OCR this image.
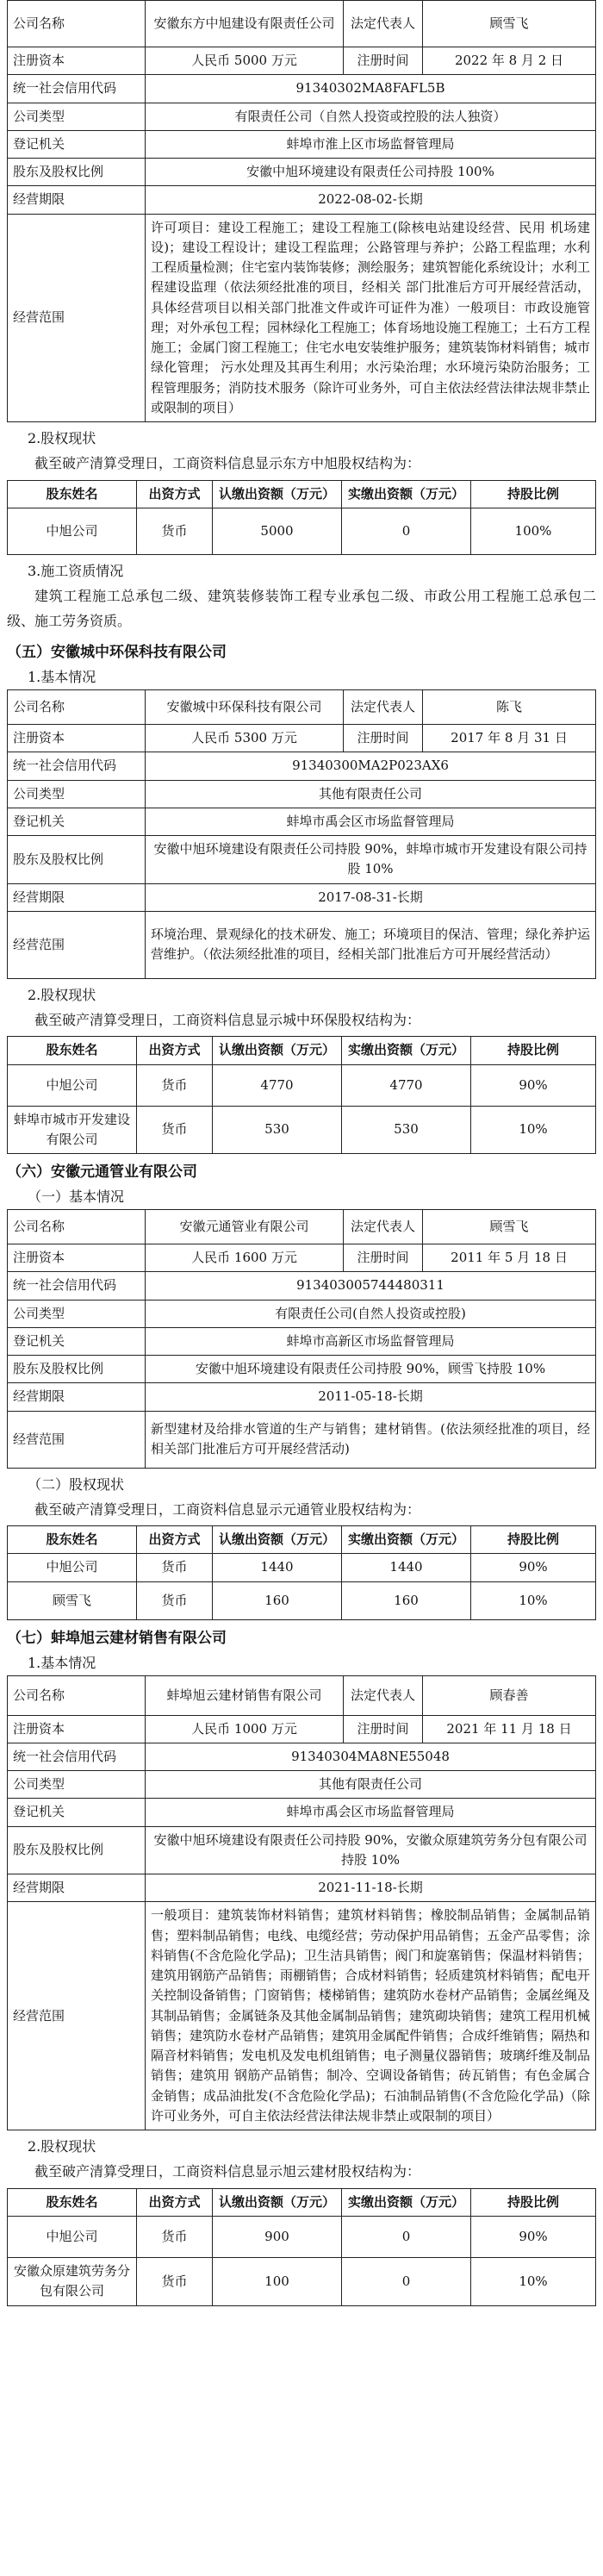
公司名称	安徽东方中旭建设有限责任公司	法定代表人	顾雪飞
注册资本	人民币 5000 万元	注册时间	2022 年 8 月 2 日
统一社会信用代码	91340302MA8FAFL5B		
公司类型	有限责任公司（自然人投资或控股的法人独资）		
登记机关	蚌埠市淮上区市场监督管理局		
股东及股权比例	安徽中旭环境建设有限责任公司持股 100%		
经营期限	2022-08-02-长期		
经营范围	许可项目：建设工程施工；建设工程施工(除核电站建设经营、民用 机场建设)；建设工程设计；建设工程监理；公路管理与养护；公路工程监理；水利工程质量检测；住宅室内装饰装修；测绘服务；建筑智能化系统设计；水利工程建设监理（依法须经批准的项目，经相关 部门批准后方可开展经营活动，具体经营项目以相关部门批准文件或许可证件为准）一般项目：市政设施管理；对外承包工程；园林绿化工程施工；体育场地设施工程施工；土石方工程施工；金属门窗工程施工；住宅水电安装维护服务；建筑装饰材料销售；城市绿化管理； 污水处理及其再生利用；水污染治理；水环境污染防治服务；工程管理服务；消防技术服务（除许可业务外，可自主依法经营法律法规非禁止或限制的项目）		
2.股权现状

截至破产清算受理日，工商资料信息显示东方中旭股权结构为：

股东姓名	出资方式	认缴出资额（万元）	实缴出资额（万元）	持股比例
中旭公司	货币	5000	0	100%
3.施工资质情况

建筑工程施工总承包二级、建筑装修装饰工程专业承包二级、市政公用工程施工总承包二级、施工劳务资质。

（五）安徽城中环保科技有限公司
1.基本情况
公司名称	安徽城中环保科技有限公司	法定代表人	陈飞
注册资本	人民币 5300 万元	注册时间	2017 年 8 月 31 日
统一社会信用代码	91340300MA2P023AX6		
公司类型	其他有限责任公司		
登记机关	蚌埠市禹会区市场监督管理局		
股东及股权比例	安徽中旭环境建设有限责任公司持股 90%，蚌埠市城市开发建设有限公司持股 10%		
经营期限	2017-08-31-长期		
经营范围	环境治理、景观绿化的技术研发、施工；环境项目的保洁、管理；绿化养护运营维护。（依法须经批准的项目，经相关部门批准后方可开展经营活动）		
2.股权现状

截至破产清算受理日，工商资料信息显示城中环保股权结构为：

股东姓名	出资方式	认缴出资额（万元）	实缴出资额（万元）	持股比例
中旭公司	货币	4770	4770	90%
蚌埠市城市开发建设有限公司	货币	530	530	10%
（六）安徽元通管业有限公司
（一）基本情况
公司名称	安徽元通管业有限公司	法定代表人	顾雪飞
注册资本	人民币 1600 万元	注册时间	2011 年 5 月 18 日
统一社会信用代码	913403005744480311		
公司类型	有限责任公司(自然人投资或控股)		
登记机关	蚌埠市高新区市场监督管理局		
股东及股权比例	安徽中旭环境建设有限责任公司持股 90%，顾雪飞持股 10%		
经营期限	2011-05-18-长期		
经营范围	新型建材及给排水管道的生产与销售；建材销售。(依法须经批准的项目，经相关部门批准后方可开展经营活动)		
（二）股权现状

截至破产清算受理日，工商资料信息显示元通管业股权结构为：

股东姓名	出资方式	认缴出资额（万元）	实缴出资额（万元）	持股比例
中旭公司	货币	1440	1440	90%
顾雪飞	货币	160	160	10%
（七）蚌埠旭云建材销售有限公司
1.基本情况
公司名称	蚌埠旭云建材销售有限公司	法定代表人	顾春善
注册资本	人民币 1000 万元	注册时间	2021 年 11 月 18 日
统一社会信用代码	91340304MA8NE55048		
公司类型	其他有限责任公司		
登记机关	蚌埠市禹会区市场监督管理局		
股东及股权比例	安徽中旭环境建设有限责任公司持股 90%，安徽众原建筑劳务分包有限公司持股 10%		
经营期限	2021-11-18-长期		
经营范围	一般项目：建筑装饰材料销售；建筑材料销售；橡胶制品销售；金属制品销售；塑料制品销售；电线、电缆经营；劳动保护用品销售；五金产品零售；涂料销售(不含危险化学品)；卫生洁具销售；阀门和旋塞销售；保温材料销售；建筑用钢筋产品销售；雨棚销售；合成材料销售；轻质建筑材料销售；配电开关控制设备销售；门窗销售；楼梯销售；建筑防水卷材产品销售；金属丝绳及其制品销售；金属链条及其他金属制品销售；建筑砌块销售；建筑工程用机械销售；建筑防水卷材产品销售；建筑用金属配件销售；合成纤维销售；隔热和隔音材料销售；发电机及发电机组销售；电子测量仪器销售；玻璃纤维及制品销售；建筑用 钢筋产品销售；制冷、空调设备销售；砖瓦销售；有色金属合金销售；成品油批发(不含危险化学品)；石油制品销售(不含危险化学品)（除许可业务外，可自主依法经营法律法规非禁止或限制的项目）		
2.股权现状

截至破产清算受理日，工商资料信息显示旭云建材股权结构为：

股东姓名	出资方式	认缴出资额（万元）	实缴出资额（万元）	持股比例
中旭公司	货币	900	0	90%
安徽众原建筑劳务分包有限公司	货币	100	0	10%
